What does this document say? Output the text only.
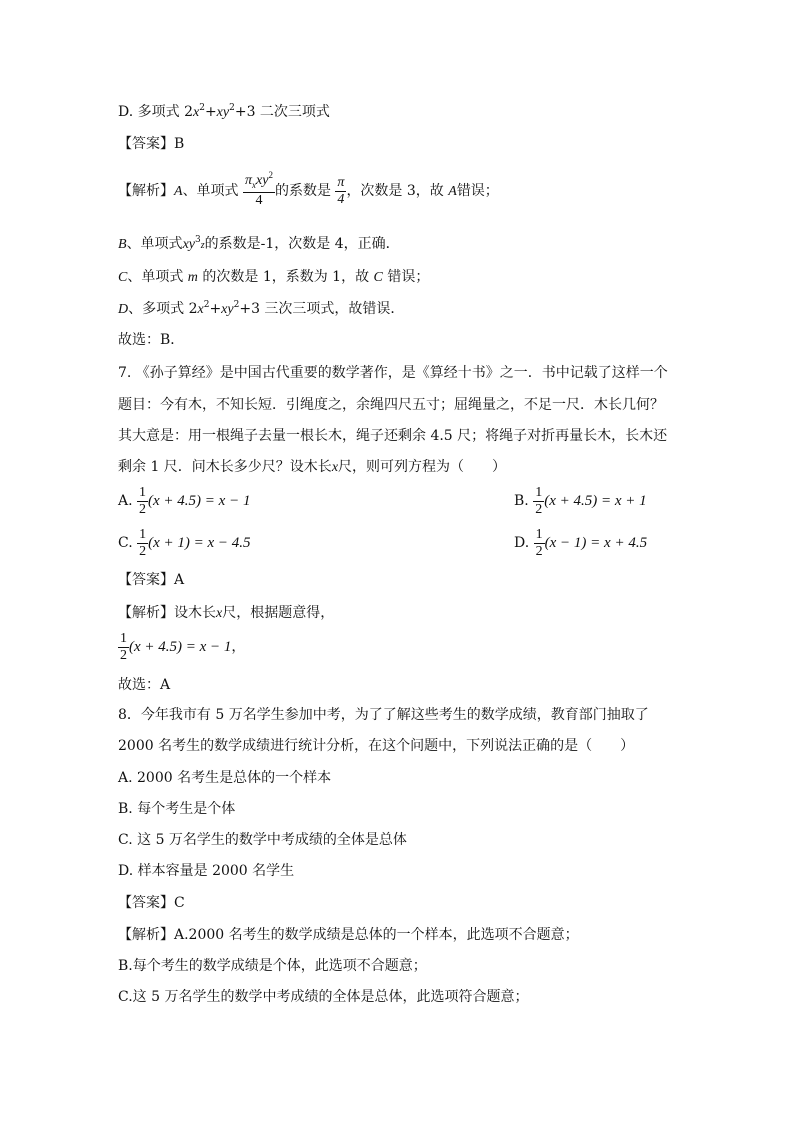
D. 多项式 $2x^2+xy^2+3$ 二次三项式
【答案】B
【解析】A、单项式 $\frac{\pi_xxy^2}{4}$ 的系数是 $\frac{\pi}{4}$ ，次数是 3，故 A错误；
B、单项式$xy^3z$的系数是-1，次数是 4，正确．
C、单项式 m 的次数是 1，系数为 1，故 C 错误；
D、多项式 $2x^2+xy^2+3$ 三次三项式，故错误．
故选：B．
7. 《孙子算经》是中国古代重要的数学著作，是《算经十书》之一．书中记载了这样一个
题目：今有木，不知长短．引绳度之，余绳四尺五寸；屈绳量之，不足一尺．木长几何？
其大意是：用一根绳子去量一根长木，绳子还剩余 4.5 尺；将绳子对折再量长木，长木还
剩余 1 尺．问木长多少尺？设木长x尺，则可列方程为（　　）
A. $\frac{1}{2} (x + 4.5) = x - 1$	B. $\frac{1}{2} (x + 4.5) = x + 1$
C. $\frac{1}{2} (x + 1) = x - 4.5$	D. $\frac{1}{2} (x - 1) = x + 4.5$
【答案】A
【解析】设木长x尺，根据题意得，
$\frac{1}{2} (x + 4.5) = x - 1$，
故选：A
8．今年我市有 5 万名学生参加中考，为了了解这些考生的数学成绩，教育部门抽取了
2000 名考生的数学成绩进行统计分析，在这个问题中，下列说法正确的是（　　）
A. 2000 名考生是总体的一个样本
B. 每个考生是个体
C. 这 5 万名学生的数学中考成绩的全体是总体
D. 样本容量是 2000 名学生
【答案】C
【解析】A.2000 名考生的数学成绩是总体的一个样本，此选项不合题意；
B.每个考生的数学成绩是个体，此选项不合题意；
C.这 5 万名学生的数学中考成绩的全体是总体，此选项符合题意；
